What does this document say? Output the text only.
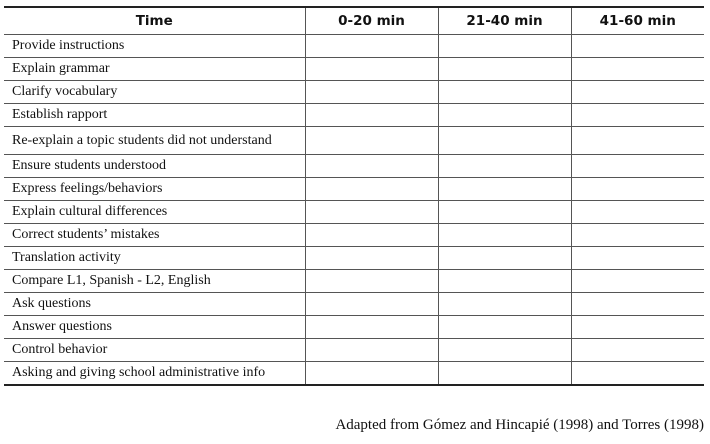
Time	0-20 min	21-40 min	41-60 min
Provide instructions			
Explain grammar			
Clarify vocabulary			
Establish rapport			
Re-explain a topic students did not understand			
Ensure students understood			
Express feelings/behaviors			
Explain cultural differences			
Correct students’ mistakes			
Translation activity			
Compare L1, Spanish - L2, English			
Ask questions			
Answer questions			
Control behavior			
Asking and giving school administrative info			
Adapted from Gómez and Hincapié (1998) and Torres (1998)
